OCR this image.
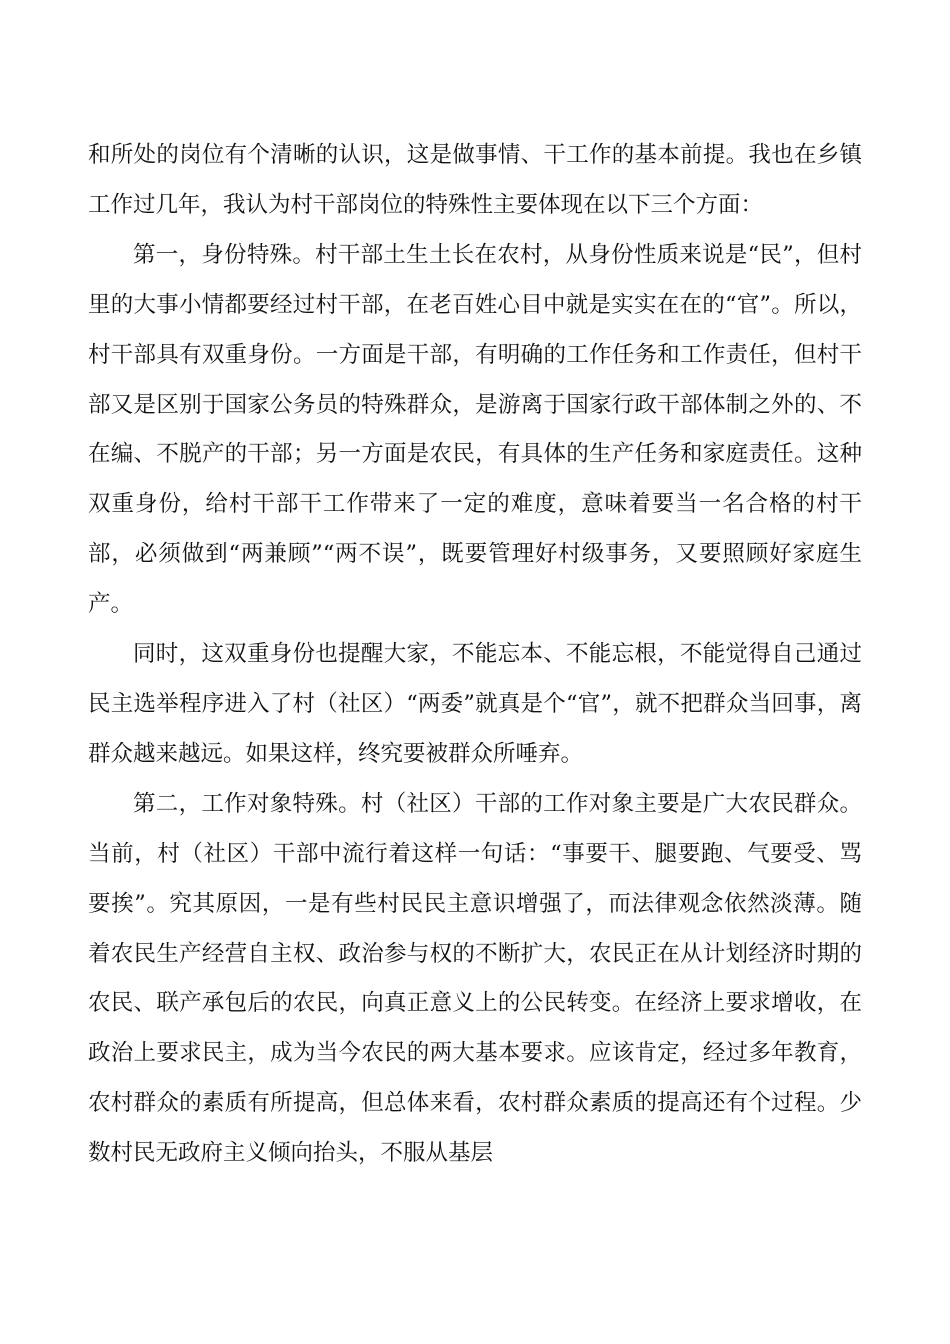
和所处的岗位有个清晰的认识，这是做事情、干工作的基本前提。我也在乡镇工作过几年，我认为村干部岗位的特殊性主要体现在以下三个方面：

第一，身份特殊。村干部土生土长在农村，从身份性质来说是“民”，但村里的大事小情都要经过村干部，在老百姓心目中就是实实在在的“官”。所以，村干部具有双重身份。一方面是干部，有明确的工作任务和工作责任，但村干部又是区别于国家公务员的特殊群众，是游离于国家行政干部体制之外的、不在编、不脱产的干部；另一方面是农民，有具体的生产任务和家庭责任。这种双重身份，给村干部干工作带来了一定的难度，意味着要当一名合格的村干部，必须做到“两兼顾”“两不误”，既要管理好村级事务，又要照顾好家庭生产。

同时，这双重身份也提醒大家，不能忘本、不能忘根，不能觉得自己通过民主选举程序进入了村（社区）“两委”就真是个“官”，就不把群众当回事，离群众越来越远。如果这样，终究要被群众所唾弃。

第二，工作对象特殊。村（社区）干部的工作对象主要是广大农民群众。当前，村（社区）干部中流行着这样一句话：“事要干、腿要跑、气要受、骂要挨”。究其原因，一是有些村民民主意识增强了，而法律观念依然淡薄。随着农民生产经营自主权、政治参与权的不断扩大，农民正在从计划经济时期的农民、联产承包后的农民，向真正意义上的公民转变。在经济上要求增收，在政治上要求民主，成为当今农民的两大基本要求。应该肯定，经过多年教育，农村群众的素质有所提高，但总体来看，农村群众素质的提高还有个过程。少数村民无政府主义倾向抬头，不服从基层
